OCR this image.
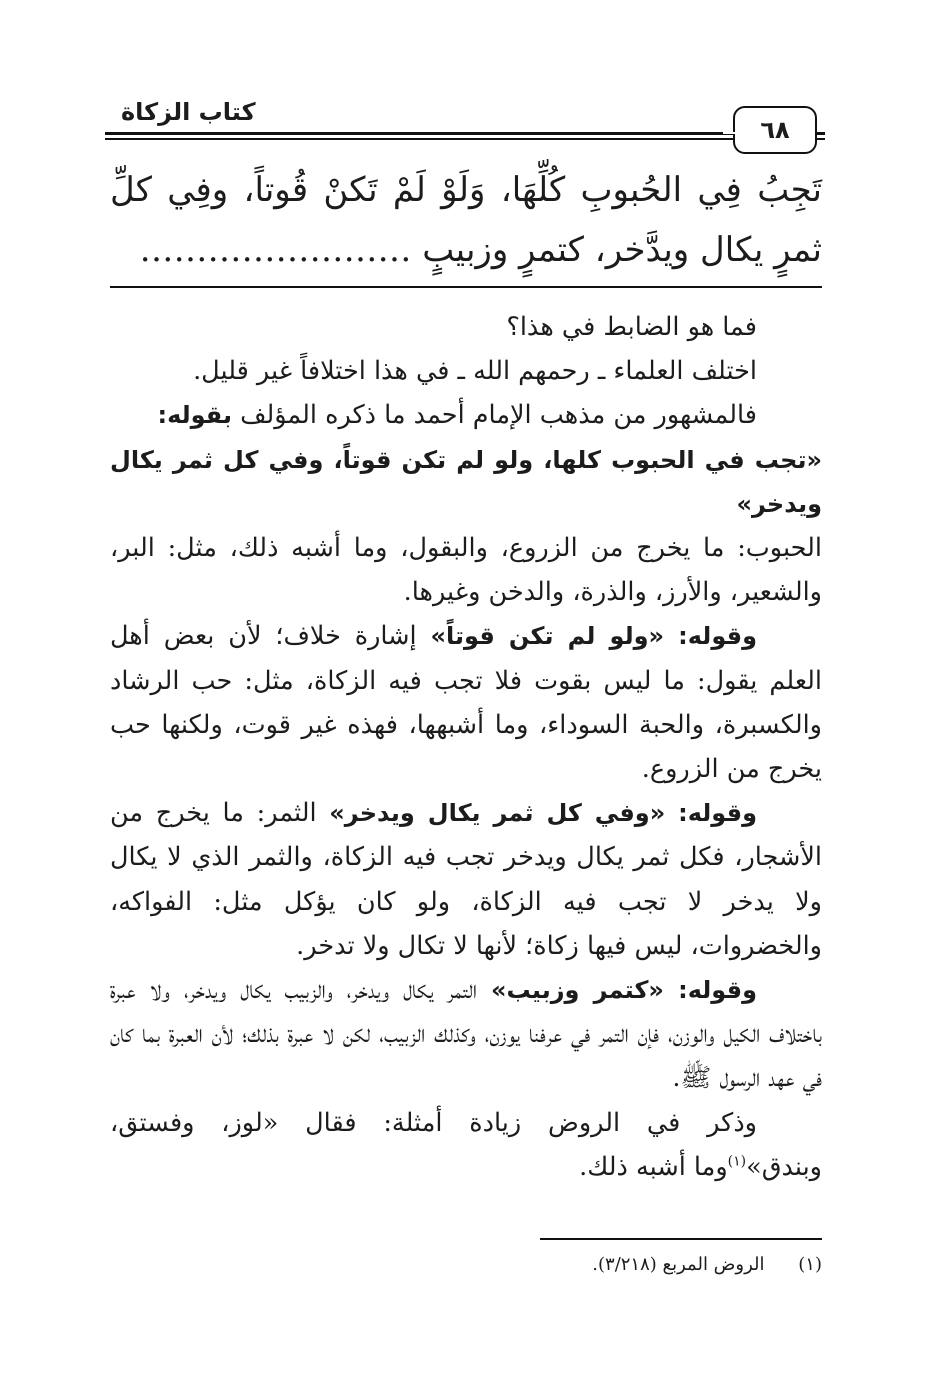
كتاب الزكاة
٦٨
تَجِبُ فِي الحُبوبِ كُلِّهَا، وَلَوْ لَمْ تَكنْ قُوتاً، وفِي كلِّ ثمرٍ يكال ويدَّخر، كتمرٍ وزبيبٍ ……………………

فما هو الضابط في هذا؟

اختلف العلماء ـ رحمهم الله ـ في هذا اختلافاً غير قليل.

فالمشهور من مذهب الإمام أحمد ما ذكره المؤلف بقوله:

«تجب في الحبوب كلها، ولو لم تكن قوتاً، وفي كل ثمر يكال ويدخر»

الحبوب: ما يخرج من الزروع، والبقول، وما أشبه ذلك، مثل: البر، والشعير، والأرز، والذرة، والدخن وغيرها.

وقوله: «ولو لم تكن قوتاً» إشارة خلاف؛ لأن بعض أهل العلم يقول: ما ليس بقوت فلا تجب فيه الزكاة، مثل: حب الرشاد والكسبرة، والحبة السوداء، وما أشبهها، فهذه غير قوت، ولكنها حب يخرج من الزروع.

وقوله: «وفي كل ثمر يكال ويدخر» الثمر: ما يخرج من الأشجار، فكل ثمر يكال ويدخر تجب فيه الزكاة، والثمر الذي لا يكال ولا يدخر لا تجب فيه الزكاة، ولو كان يؤكل مثل: الفواكه، والخضروات، ليس فيها زكاة؛ لأنها لا تكال ولا تدخر.

وقوله: «كتمر وزبيب» التمر يكال ويدخر، والزبيب يكال ويدخر، ولا عبرة باختلاف الكيل والوزن، فإن التمر في عرفنا يوزن، وكذلك الزبيب، لكن لا عبرة بذلك؛ لأن العبرة بما كان في عهد الرسول ﷺ.

وذكر في الروض زيادة أمثلة: فقال «لوز، وفستق، وبندق»$^{(١)}$وما أشبه ذلك.

(١) الروض المربع (٣/٢١٨).
